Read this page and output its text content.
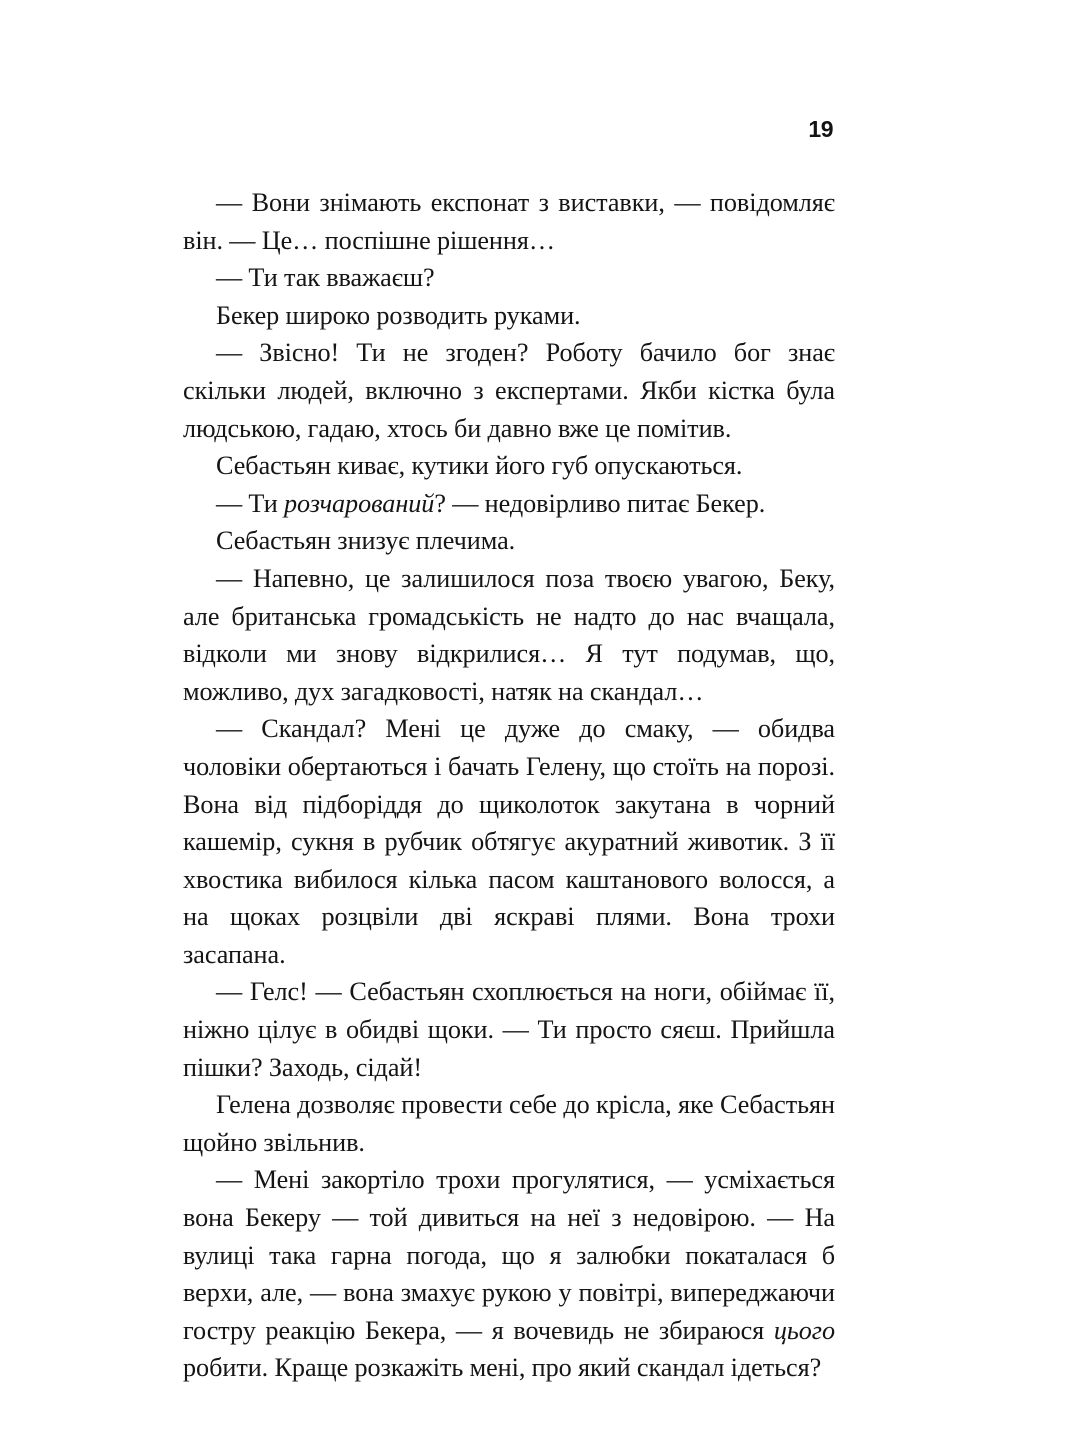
19

— Вони знімають експонат з виставки, — повідомляє він. — Це… поспішне рішення…

— Ти так вважаєш?

Бекер широко розводить руками.

— Звісно! Ти не згоден? Роботу бачило бог знає скільки людей, включно з експертами. Якби кістка була людською, гадаю, хтось би давно вже це помітив.

Себастьян киває, кутики його губ опускаються.

— Ти розчарований? — недовірливо питає Бекер.

Себастьян знизує плечима.

— Напевно, це залишилося поза твоєю увагою, Беку, але британська громадськість не надто до нас вчащала, відколи ми знову відкрилися… Я тут подумав, що, можливо, дух загадковості, натяк на скандал…

— Скандал? Мені це дуже до смаку, — обидва чоловіки обертаються і бачать Гелену, що стоїть на порозі. Вона від підборіддя до щиколоток закутана в чорний кашемір, сукня в рубчик обтягує акуратний животик. З її хвостика вибилося кілька пасом каштанового волосся, а на щоках розцвіли дві яскраві плями. Вона трохи засапана.

— Гелс! — Себастьян схоплюється на ноги, обіймає її, ніжно цілує в обидві щоки. — Ти просто сяєш. Прийшла пішки? Заходь, сідай!

Гелена дозволяє провести себе до крісла, яке Себастьян щойно звільнив.

— Мені закортіло трохи прогулятися, — усміхається вона Бекеру — той дивиться на неї з недовірою. — На вулиці така гарна погода, що я залюбки покаталася б верхи, але, — вона змахує рукою у повітрі, випереджаючи гостру реакцію Бекера, — я вочевидь не збираюся цього робити. Краще розкажіть мені, про який скандал ідеться?
